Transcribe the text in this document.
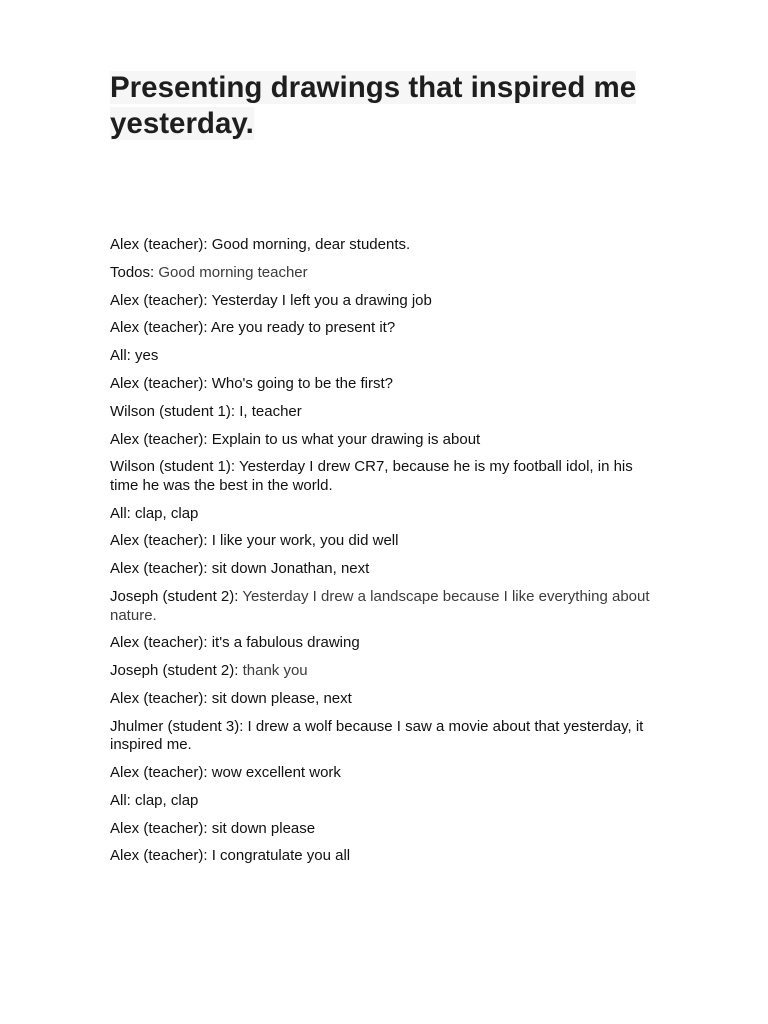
Presenting drawings that inspired me yesterday.

Alex (teacher): Good morning, dear students.

Todos: Good morning teacher

Alex (teacher): Yesterday I left you a drawing job

Alex (teacher): Are you ready to present it?

All: yes

Alex (teacher): Who's going to be the first?

Wilson (student 1): I, teacher

Alex (teacher): Explain to us what your drawing is about

Wilson (student 1): Yesterday I drew CR7, because he is my football idol, in his time he was the best in the world.

All: clap, clap

Alex (teacher): I like your work, you did well

Alex (teacher): sit down Jonathan, next

Joseph (student 2): Yesterday I drew a landscape because I like everything about nature.

Alex (teacher): it's a fabulous drawing

Joseph (student 2): thank you

Alex (teacher): sit down please, next

Jhulmer (student 3): I drew a wolf because I saw a movie about that yesterday, it inspired me.

Alex (teacher): wow excellent work

All: clap, clap

Alex (teacher): sit down please

Alex (teacher): I congratulate you all
